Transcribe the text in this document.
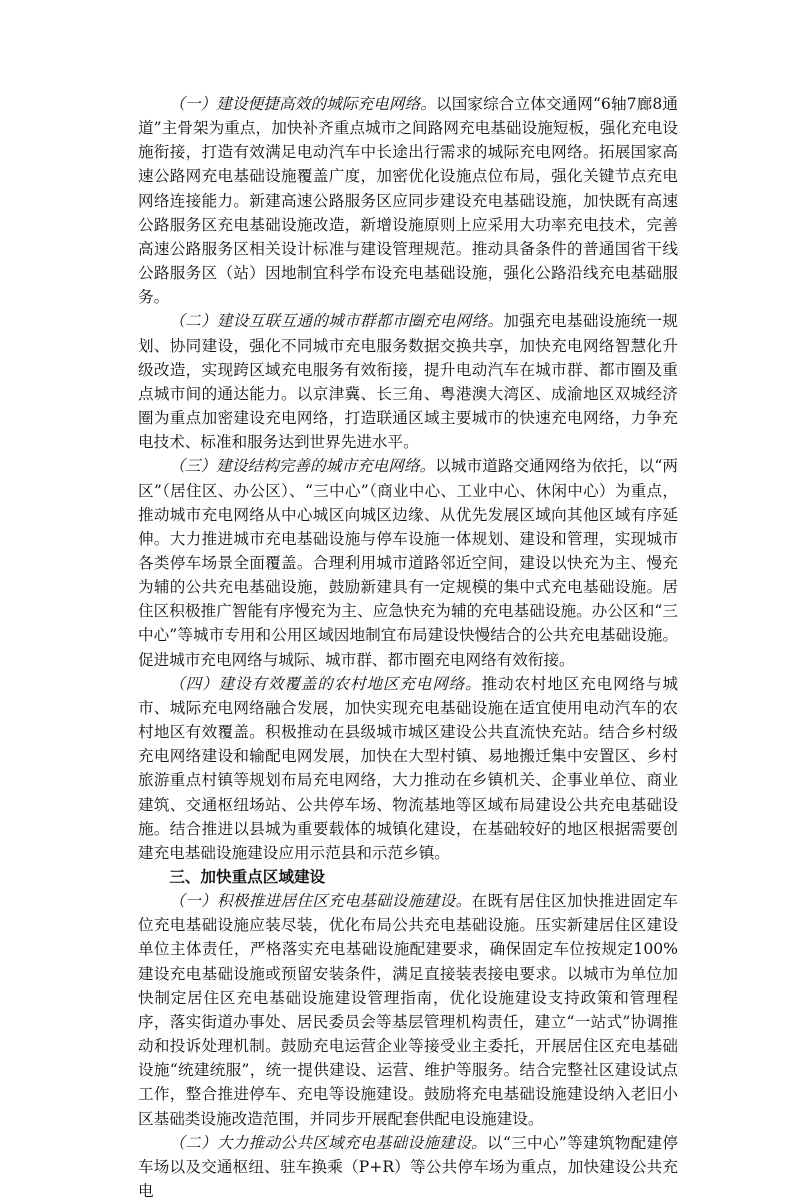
（一）建设便捷高效的城际充电网络。以国家综合立体交通网“6轴7廊8通道”主骨架为重点，加快补齐重点城市之间路网充电基础设施短板，强化充电设施衔接，打造有效满足电动汽车中长途出行需求的城际充电网络。拓展国家高速公路网充电基础设施覆盖广度，加密优化设施点位布局，强化关键节点充电网络连接能力。新建高速公路服务区应同步建设充电基础设施，加快既有高速公路服务区充电基础设施改造，新增设施原则上应采用大功率充电技术，完善高速公路服务区相关设计标准与建设管理规范。推动具备条件的普通国省干线公路服务区（站）因地制宜科学布设充电基础设施，强化公路沿线充电基础服务。

（二）建设互联互通的城市群都市圈充电网络。加强充电基础设施统一规划、协同建设，强化不同城市充电服务数据交换共享，加快充电网络智慧化升级改造，实现跨区域充电服务有效衔接，提升电动汽车在城市群、都市圈及重点城市间的通达能力。以京津冀、长三角、粤港澳大湾区、成渝地区双城经济圈为重点加密建设充电网络，打造联通区域主要城市的快速充电网络，力争充电技术、标准和服务达到世界先进水平。

（三）建设结构完善的城市充电网络。以城市道路交通网络为依托，以“两区”（居住区、办公区）、“三中心”（商业中心、工业中心、休闲中心）为重点，推动城市充电网络从中心城区向城区边缘、从优先发展区域向其他区域有序延伸。大力推进城市充电基础设施与停车设施一体规划、建设和管理，实现城市各类停车场景全面覆盖。合理利用城市道路邻近空间，建设以快充为主、慢充为辅的公共充电基础设施，鼓励新建具有一定规模的集中式充电基础设施。居住区积极推广智能有序慢充为主、应急快充为辅的充电基础设施。办公区和“三中心”等城市专用和公用区域因地制宜布局建设快慢结合的公共充电基础设施。促进城市充电网络与城际、城市群、都市圈充电网络有效衔接。

（四）建设有效覆盖的农村地区充电网络。推动农村地区充电网络与城市、城际充电网络融合发展，加快实现充电基础设施在适宜使用电动汽车的农村地区有效覆盖。积极推动在县级城市城区建设公共直流快充站。结合乡村级充电网络建设和输配电网发展，加快在大型村镇、易地搬迁集中安置区、乡村旅游重点村镇等规划布局充电网络，大力推动在乡镇机关、企事业单位、商业建筑、交通枢纽场站、公共停车场、物流基地等区域布局建设公共充电基础设施。结合推进以县城为重要载体的城镇化建设，在基础较好的地区根据需要创建充电基础设施建设应用示范县和示范乡镇。

三、加快重点区域建设

（一）积极推进居住区充电基础设施建设。在既有居住区加快推进固定车位充电基础设施应装尽装，优化布局公共充电基础设施。压实新建居住区建设单位主体责任，严格落实充电基础设施配建要求，确保固定车位按规定100%建设充电基础设施或预留安装条件，满足直接装表接电要求。以城市为单位加快制定居住区充电基础设施建设管理指南，优化设施建设支持政策和管理程序，落实街道办事处、居民委员会等基层管理机构责任，建立“一站式”协调推动和投诉处理机制。鼓励充电运营企业等接受业主委托，开展居住区充电基础设施“统建统服”，统一提供建设、运营、维护等服务。结合完整社区建设试点工作，整合推进停车、充电等设施建设。鼓励将充电基础设施建设纳入老旧小区基础类设施改造范围，并同步开展配套供配电设施建设。

（二）大力推动公共区域充电基础设施建设。以“三中心”等建筑物配建停车场以及交通枢纽、驻车换乘（P+R）等公共停车场为重点，加快建设公共充电
